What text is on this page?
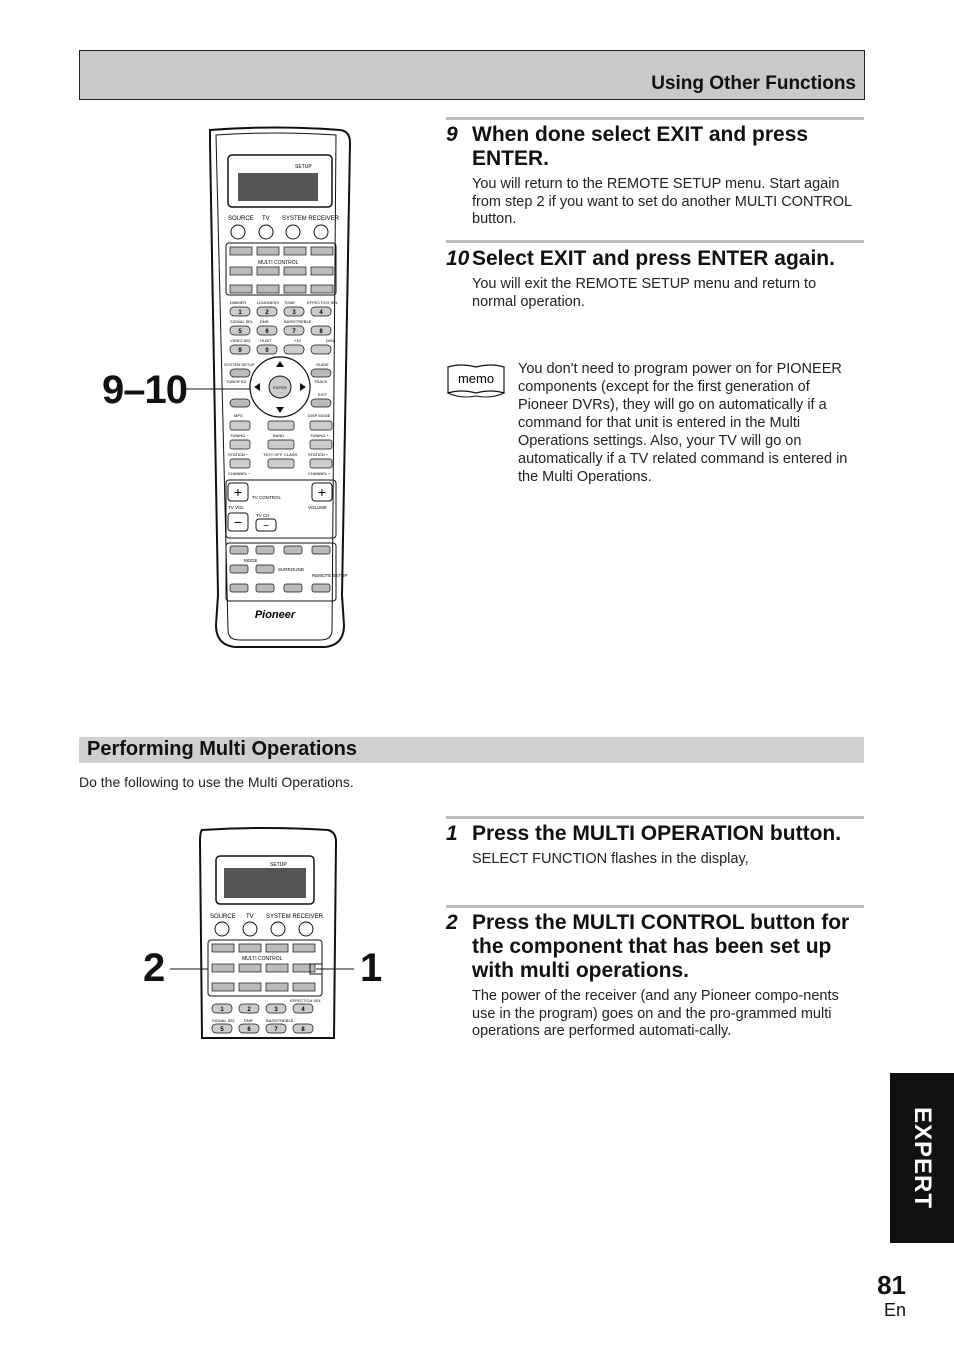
Using Other Functions
SETUP
SOURCE TV SYSTEM RECEIVER
MULTI CONTROL
DIMMER	LOUDNESS TONE	EFFECT/CH SEL
SIGNAL SEL DNR	BASS/TREBLE
VIDEO SEL HI-BIT	+10	DISC
1	2	3	4
5	6	7	8
9	0
ENTER
SYSTEM SETUP	GUIDE
TUNER ED	TRACK
EXIT
MPX	DISP MODE
TUNING −	BAND	TUNING +
STATION −	TEXT OFF CLASS	STATION +
CHANNEL −	CHANNEL +
+	+
− −
TV VOL
TV CONTROL
TV CH
VOLUME
MODE
SURROUND
REMOTE SETUP
Pioneer
9–10
9 When done select EXIT and press ENTER.
You will return to the REMOTE SETUP menu. Start again from step 2 if you want to set do another MULTI CONTROL button.
10 Select EXIT and press ENTER again.
You will exit the REMOTE SETUP menu and return to normal operation.
memo
You don't need to program power on for PIONEER components (except for the first generation of Pioneer DVRs), they will go on automatically if a command for that unit is entered in the Multi Operations settings. Also, your TV will go on automatically if a TV related command is entered in the Multi Operations.
Performing Multi Operations
Do the following to use the Multi Operations.
SETUP
SOURCE TV SYSTEM RECEIVER
MULTI CONTROL
EFFECT/CH SEL
SIGNAL SEL DNR	BASS/TREBLE
1	2	3	4
5	6	7	8
2	1
1 Press the MULTI OPERATION button.
SELECT FUNCTION flashes in the display,
2 Press the MULTI CONTROL button for the component that has been set up with multi operations.
The power of the receiver (and any Pioneer compo-nents use in the program) goes on and the pro-grammed multi operations are performed automati-cally.
EXPERT
81
En
